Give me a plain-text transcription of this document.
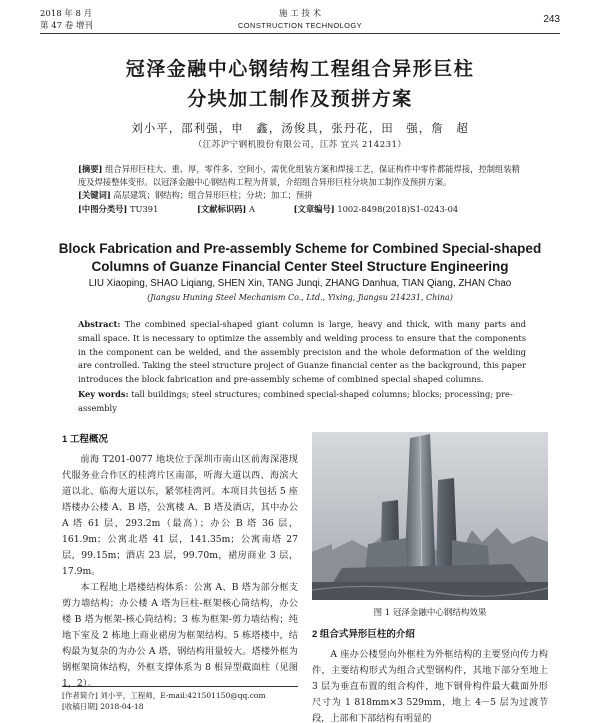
2018 年 8 月
第 47 卷 增刊
施 工 技 术
CONSTRUCTION TECHNOLOGY
243
冠泽金融中心钢结构工程组合异形巨柱
分块加工制作及预拼方案
刘小平，邵利强，申　鑫，汤俊具，张丹花，田　强，詹　超
（江苏沪宁钢机股份有限公司，江苏 宜兴 214231）
[摘要] 组合异形巨柱大、重、厚，零件多、空间小，需优化组装方案和焊接工艺，保证构件中零件都能焊接，控制组装精度及焊接整体变形。以冠泽金融中心钢结构工程为背景，介绍组合异形巨柱分块加工制作及预拼方案。
[关键词] 高层建筑；钢结构；组合异形巨柱；分块；加工；预拼
[中图分类号] TU391	[文献标识码] A	[文章编号] 1002-8498(2018)S1-0243-04
Block Fabrication and Pre-assembly Scheme for Combined Special-shaped
Columns of Guanze Financial Center Steel Structure Engineering
LIU Xiaoping, SHAO Liqiang, SHEN Xin, TANG Junqi, ZHANG Danhua, TIAN Qiang, ZHAN Chao
(Jiangsu Huning Steel Mechanism Co., Ltd., Yixing, Jiangsu 214231, China)
Abstract: The combined special-shaped giant column is large, heavy and thick, with many parts and small space. It is necessary to optimize the assembly and welding process to ensure that the components in the component can be welded, and the assembly precision and the whole deformation of the welding are controlled. Taking the steel structure project of Guanze financial center as the background, this paper introduces the block fabrication and pre-assembly scheme of combined special shaped columns.
Key words: tall buildings; steel structures; combined special-shaped columns; blocks; processing; pre-assembly
1 工程概况

前海 T201-0077 地块位于深圳市南山区前海深港现代服务业合作区的桂湾片区南部，听海大道以西、海滨大道以北、临海大道以东，紧邻桂湾河。本项目共包括 5 座塔楼办公楼 A、B 塔，公寓楼 A、B 塔及酒店，其中办公 A 塔 61 层，293.2m（最高）；办公 B 塔 36 层，161.9m；公寓北塔 41 层，141.35m；公寓南塔 27 层，99.15m；酒店 23 层，99.70m，裙房商业 3 层，17.9m。

本工程地上塔楼结构体系：公寓 A、B 塔为部分框支剪力墙结构；办公楼 A 塔为巨柱-框架核心筒结构，办公楼 B 塔为框架-核心筒结构；3 栋为框架-剪力墙结构；纯地下室及 2 栋地上商业裙房为框架结构。5 栋塔楼中，结构最为复杂的为办公 A 塔，钢结构用量较大。塔楼外框为钢框架筒体结构，外框支撑体系为 8 根异型截面柱（见图 1，2）。

图 1 冠泽金融中心钢结构效果
2 组合式异形巨柱的介绍

A 座办公楼竖向外框柱为外框结构的主要竖向传力构件，主要结构形式为组合式型钢构件，其地下部分至地上 3 层为垂直布置的组合构件，地下钢骨构件最大截面外形尺寸为 1 818mm×3 529mm，地上 4－5 层为过渡节段，上部和下部结构有明显的

[作者简介] 刘小平，工程师，E-mail:421501150@qq.com
[收稿日期] 2018-04-18
